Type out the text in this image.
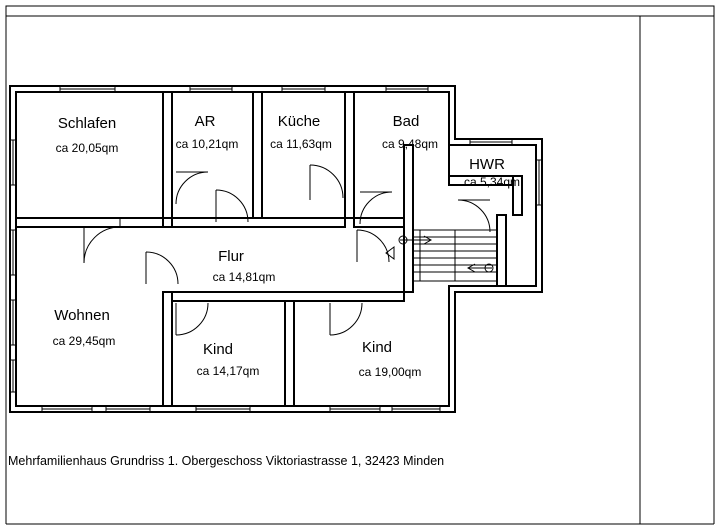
Schlafen
ca 20,05qm
AR
ca 10,21qm
Küche
ca 11,63qm
Bad
ca 9,48qm
HWR
ca 5,34qm
Flur
ca 14,81qm
Wohnen
ca 29,45qm	Kind
ca 14,17qm
Kind
ca 19,00qm
Mehrfamilienhaus Grundriss 1. Obergeschoss Viktoriastrasse 1, 32423 Minden
